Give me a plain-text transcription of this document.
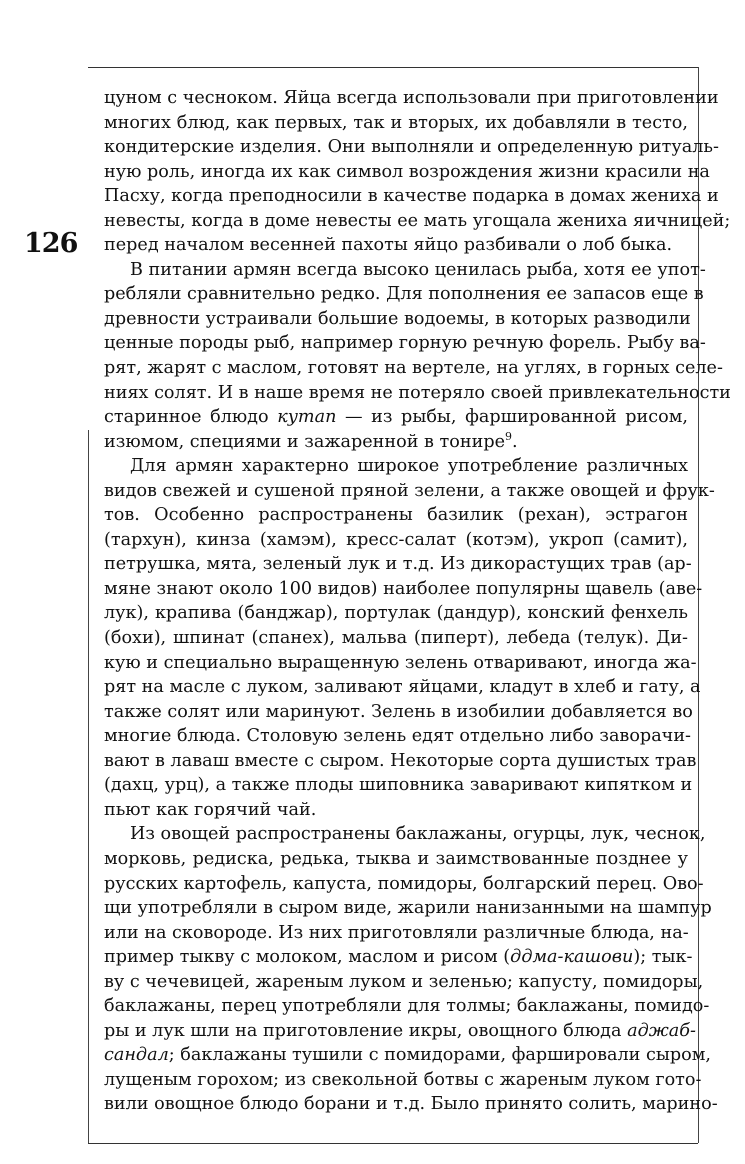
126
цуном с чесноком. Яйца всегда использовали при приготовлении
многих блюд, как первых, так и вторых, их добавляли в тесто,
кондитерские изделия. Они выполняли и определенную ритуаль-
ную роль, иногда их как символ возрождения жизни красили на
Пасху, когда преподносили в качестве подарка в домах жениха и
невесты, когда в доме невесты ее мать угощала жениха яичницей;
перед началом весенней пахоты яйцо разбивали о лоб быка.
В питании армян всегда высоко ценилась рыба, хотя ее упот-
ребляли сравнительно редко. Для пополнения ее запасов еще в
древности устраивали большие водоемы, в которых разводили
ценные породы рыб, например горную речную форель. Рыбу ва-
рят, жарят с маслом, готовят на вертеле, на углях, в горных селе-
ниях солят. И в наше время не потеряло своей привлекательности
старинное блюдо кутап — из рыбы, фаршированной рисом,
изюмом, специями и зажаренной в тонире$^9$.
Для армян характерно широкое употребление различных
видов свежей и сушеной пряной зелени, а также овощей и фрук-
тов. Особенно распространены базилик (рехан), эстрагон
(тархун), кинза (хамэм), кресс-салат (котэм), укроп (самит),
петрушка, мята, зеленый лук и т.д. Из дикорастущих трав (ар-
мяне знают около 100 видов) наиболее популярны щавель (аве-
лук), крапива (банджар), портулак (дандур), конский фенхель
(бохи), шпинат (спанех), мальва (пиперт), лебеда (телук). Ди-
кую и специально выращенную зелень отваривают, иногда жа-
рят на масле с луком, заливают яйцами, кладут в хлеб и гату, а
также солят или маринуют. Зелень в изобилии добавляется во
многие блюда. Столовую зелень едят отдельно либо заворачи-
вают в лаваш вместе с сыром. Некоторые сорта душистых трав
(дахц, урц), а также плоды шиповника заваривают кипятком и
пьют как горячий чай.
Из овощей распространены баклажаны, огурцы, лук, чеснок,
морковь, редиска, редька, тыква и заимствованные позднее у
русских картофель, капуста, помидоры, болгарский перец. Ово-
щи употребляли в сыром виде, жарили нанизанными на шампур
или на сковороде. Из них приготовляли различные блюда, на-
пример тыкву с молоком, маслом и рисом (ддма-кашови); тык-
ву с чечевицей, жареным луком и зеленью; капусту, помидоры,
баклажаны, перец употребляли для толмы; баклажаны, помидо-
ры и лук шли на приготовление икры, овощного блюда аджаб-
сандал; баклажаны тушили с помидорами, фаршировали сыром,
лущеным горохом; из свекольной ботвы с жареным луком гото-
вили овощное блюдо борани и т.д. Было принято солить, марино-
